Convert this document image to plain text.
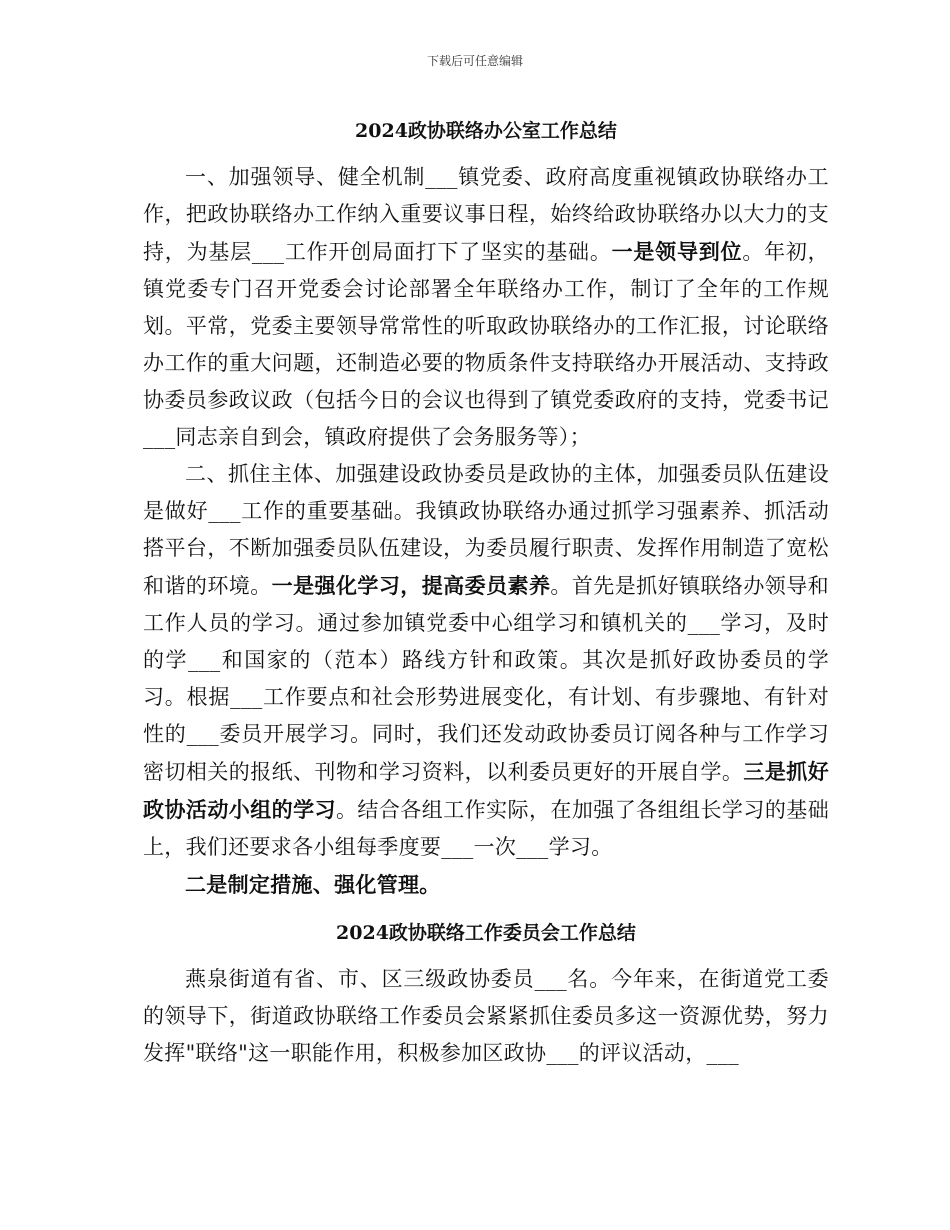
下载后可任意编辑
2024政协联络办公室工作总结

一、加强领导、健全机制___镇党委、政府高度重视镇政协联络办工作，把政协联络办工作纳入重要议事日程，始终给政协联络办以大力的支持，为基层___工作开创局面打下了坚实的基础。一是领导到位。年初，镇党委专门召开党委会讨论部署全年联络办工作，制订了全年的工作规划。平常，党委主要领导常常性的听取政协联络办的工作汇报，讨论联络办工作的重大问题，还制造必要的物质条件支持联络办开展活动、支持政协委员参政议政（包括今日的会议也得到了镇党委政府的支持，党委书记___同志亲自到会，镇政府提供了会务服务等）；

二、抓住主体、加强建设政协委员是政协的主体，加强委员队伍建设是做好___工作的重要基础。我镇政协联络办通过抓学习强素养、抓活动搭平台，不断加强委员队伍建设，为委员履行职责、发挥作用制造了宽松和谐的环境。一是强化学习，提高委员素养。首先是抓好镇联络办领导和工作人员的学习。通过参加镇党委中心组学习和镇机关的___学习，及时的学___和国家的（范本）路线方针和政策。其次是抓好政协委员的学习。根据___工作要点和社会形势进展变化，有计划、有步骤地、有针对性的___委员开展学习。同时，我们还发动政协委员订阅各种与工作学习密切相关的报纸、刊物和学习资料，以利委员更好的开展自学。三是抓好政协活动小组的学习。结合各组工作实际，在加强了各组组长学习的基础上，我们还要求各小组每季度要___一次___学习。

二是制定措施、强化管理。

2024政协联络工作委员会工作总结

燕泉街道有省、市、区三级政协委员___名。今年来，在街道党工委的领导下，街道政协联络工作委员会紧紧抓住委员多这一资源优势，努力发挥"联络"这一职能作用，积极参加区政协___的评议活动，___
